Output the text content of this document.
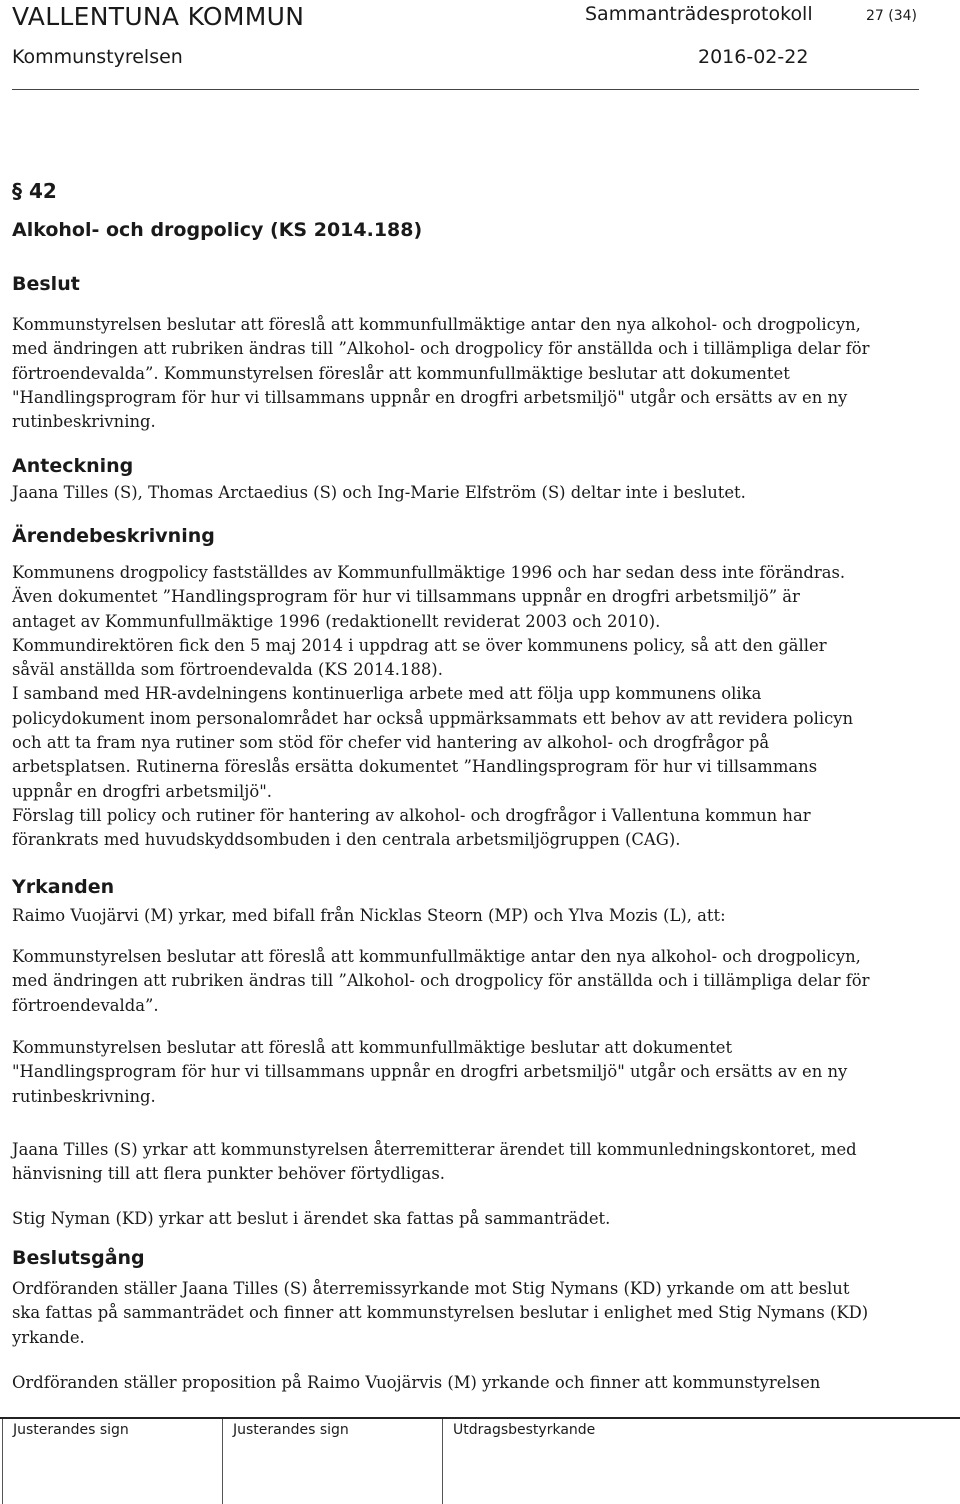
VALLENTUNA KOMMUN	Sammanträdesprotokoll	27 (34)
Kommunstyrelsen	2016-02-22
§ 42
Alkohol- och drogpolicy (KS 2014.188)
Beslut
Kommunstyrelsen beslutar att föreslå att kommunfullmäktige antar den nya alkohol- och drogpolicyn,
med ändringen att rubriken ändras till ”Alkohol- och drogpolicy för anställda och i tillämpliga delar för
förtroendevalda”. Kommunstyrelsen föreslår att kommunfullmäktige beslutar att dokumentet
"Handlingsprogram för hur vi tillsammans uppnår en drogfri arbetsmiljö" utgår och ersätts av en ny
rutinbeskrivning.
Anteckning
Jaana Tilles (S), Thomas Arctaedius (S) och Ing-Marie Elfström (S) deltar inte i beslutet.
Ärendebeskrivning
Kommunens drogpolicy fastställdes av Kommunfullmäktige 1996 och har sedan dess inte förändras.
Även dokumentet ”Handlingsprogram för hur vi tillsammans uppnår en drogfri arbetsmiljö” är
antaget av Kommunfullmäktige 1996 (redaktionellt reviderat 2003 och 2010).
Kommundirektören fick den 5 maj 2014 i uppdrag att se över kommunens policy, så att den gäller
såväl anställda som förtroendevalda (KS 2014.188).
I samband med HR-avdelningens kontinuerliga arbete med att följa upp kommunens olika
policydokument inom personalområdet har också uppmärksammats ett behov av att revidera policyn
och att ta fram nya rutiner som stöd för chefer vid hantering av alkohol- och drogfrågor på
arbetsplatsen. Rutinerna föreslås ersätta dokumentet ”Handlingsprogram för hur vi tillsammans
uppnår en drogfri arbetsmiljö".
Förslag till policy och rutiner för hantering av alkohol- och drogfrågor i Vallentuna kommun har
förankrats med huvudskyddsombuden i den centrala arbetsmiljögruppen (CAG).
Yrkanden
Raimo Vuojärvi (M) yrkar, med bifall från Nicklas Steorn (MP) och Ylva Mozis (L), att:
Kommunstyrelsen beslutar att föreslå att kommunfullmäktige antar den nya alkohol- och drogpolicyn,
med ändringen att rubriken ändras till ”Alkohol- och drogpolicy för anställda och i tillämpliga delar för
förtroendevalda”.
Kommunstyrelsen beslutar att föreslå att kommunfullmäktige beslutar att dokumentet
"Handlingsprogram för hur vi tillsammans uppnår en drogfri arbetsmiljö" utgår och ersätts av en ny
rutinbeskrivning.
Jaana Tilles (S) yrkar att kommunstyrelsen återremitterar ärendet till kommunledningskontoret, med
hänvisning till att flera punkter behöver förtydligas.
Stig Nyman (KD) yrkar att beslut i ärendet ska fattas på sammanträdet.
Beslutsgång
Ordföranden ställer Jaana Tilles (S) återremissyrkande mot Stig Nymans (KD) yrkande om att beslut
ska fattas på sammanträdet och finner att kommunstyrelsen beslutar i enlighet med Stig Nymans (KD)
yrkande.
Ordföranden ställer proposition på Raimo Vuojärvis (M) yrkande och finner att kommunstyrelsen
Justerandes sign	Justerandes sign	Utdragsbestyrkande
